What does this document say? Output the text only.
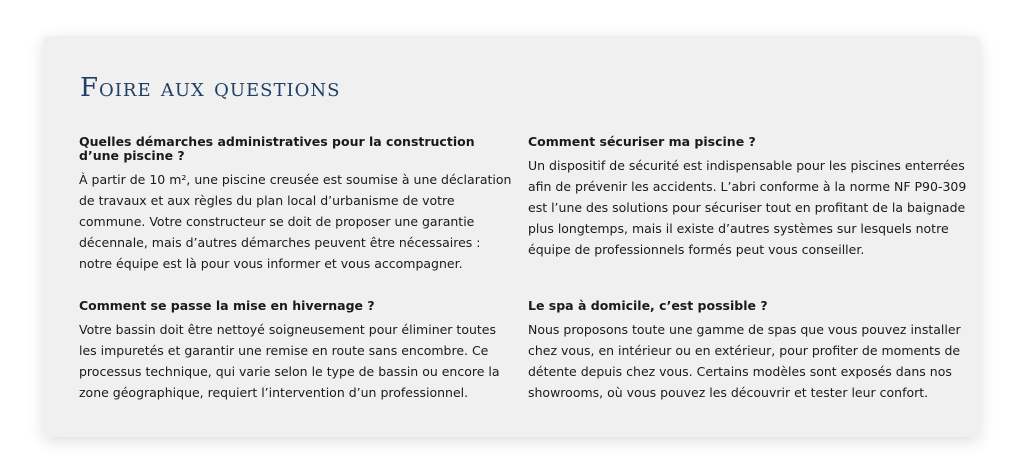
Foire aux questions
Quelles démarches administratives pour la construction d’une piscine ?

À partir de 10 m², une piscine creusée est soumise à une déclaration de travaux et aux règles du plan local d’urbanisme de votre commune. Votre constructeur se doit de proposer une garantie décennale, mais d’autres démarches peuvent être nécessaires : notre équipe est là pour vous informer et vous accompagner.

Comment sécuriser ma piscine ?

Un dispositif de sécurité est indispensable pour les piscines enterrées afin de prévenir les accidents. L’abri conforme à la norme NF P90-309 est l’une des solutions pour sécuriser tout en profitant de la baignade plus longtemps, mais il existe d’autres systèmes sur lesquels notre équipe de professionnels formés peut vous conseiller.

Comment se passe la mise en hivernage ?

Votre bassin doit être nettoyé soigneusement pour éliminer toutes les impuretés et garantir une remise en route sans encombre. Ce processus technique, qui varie selon le type de bassin ou encore la zone géographique, requiert l’intervention d’un professionnel.

Le spa à domicile, c’est possible ?

Nous proposons toute une gamme de spas que vous pouvez installer chez vous, en intérieur ou en extérieur, pour profiter de moments de détente depuis chez vous. Certains modèles sont exposés dans nos showrooms, où vous pouvez les découvrir et tester leur confort.
